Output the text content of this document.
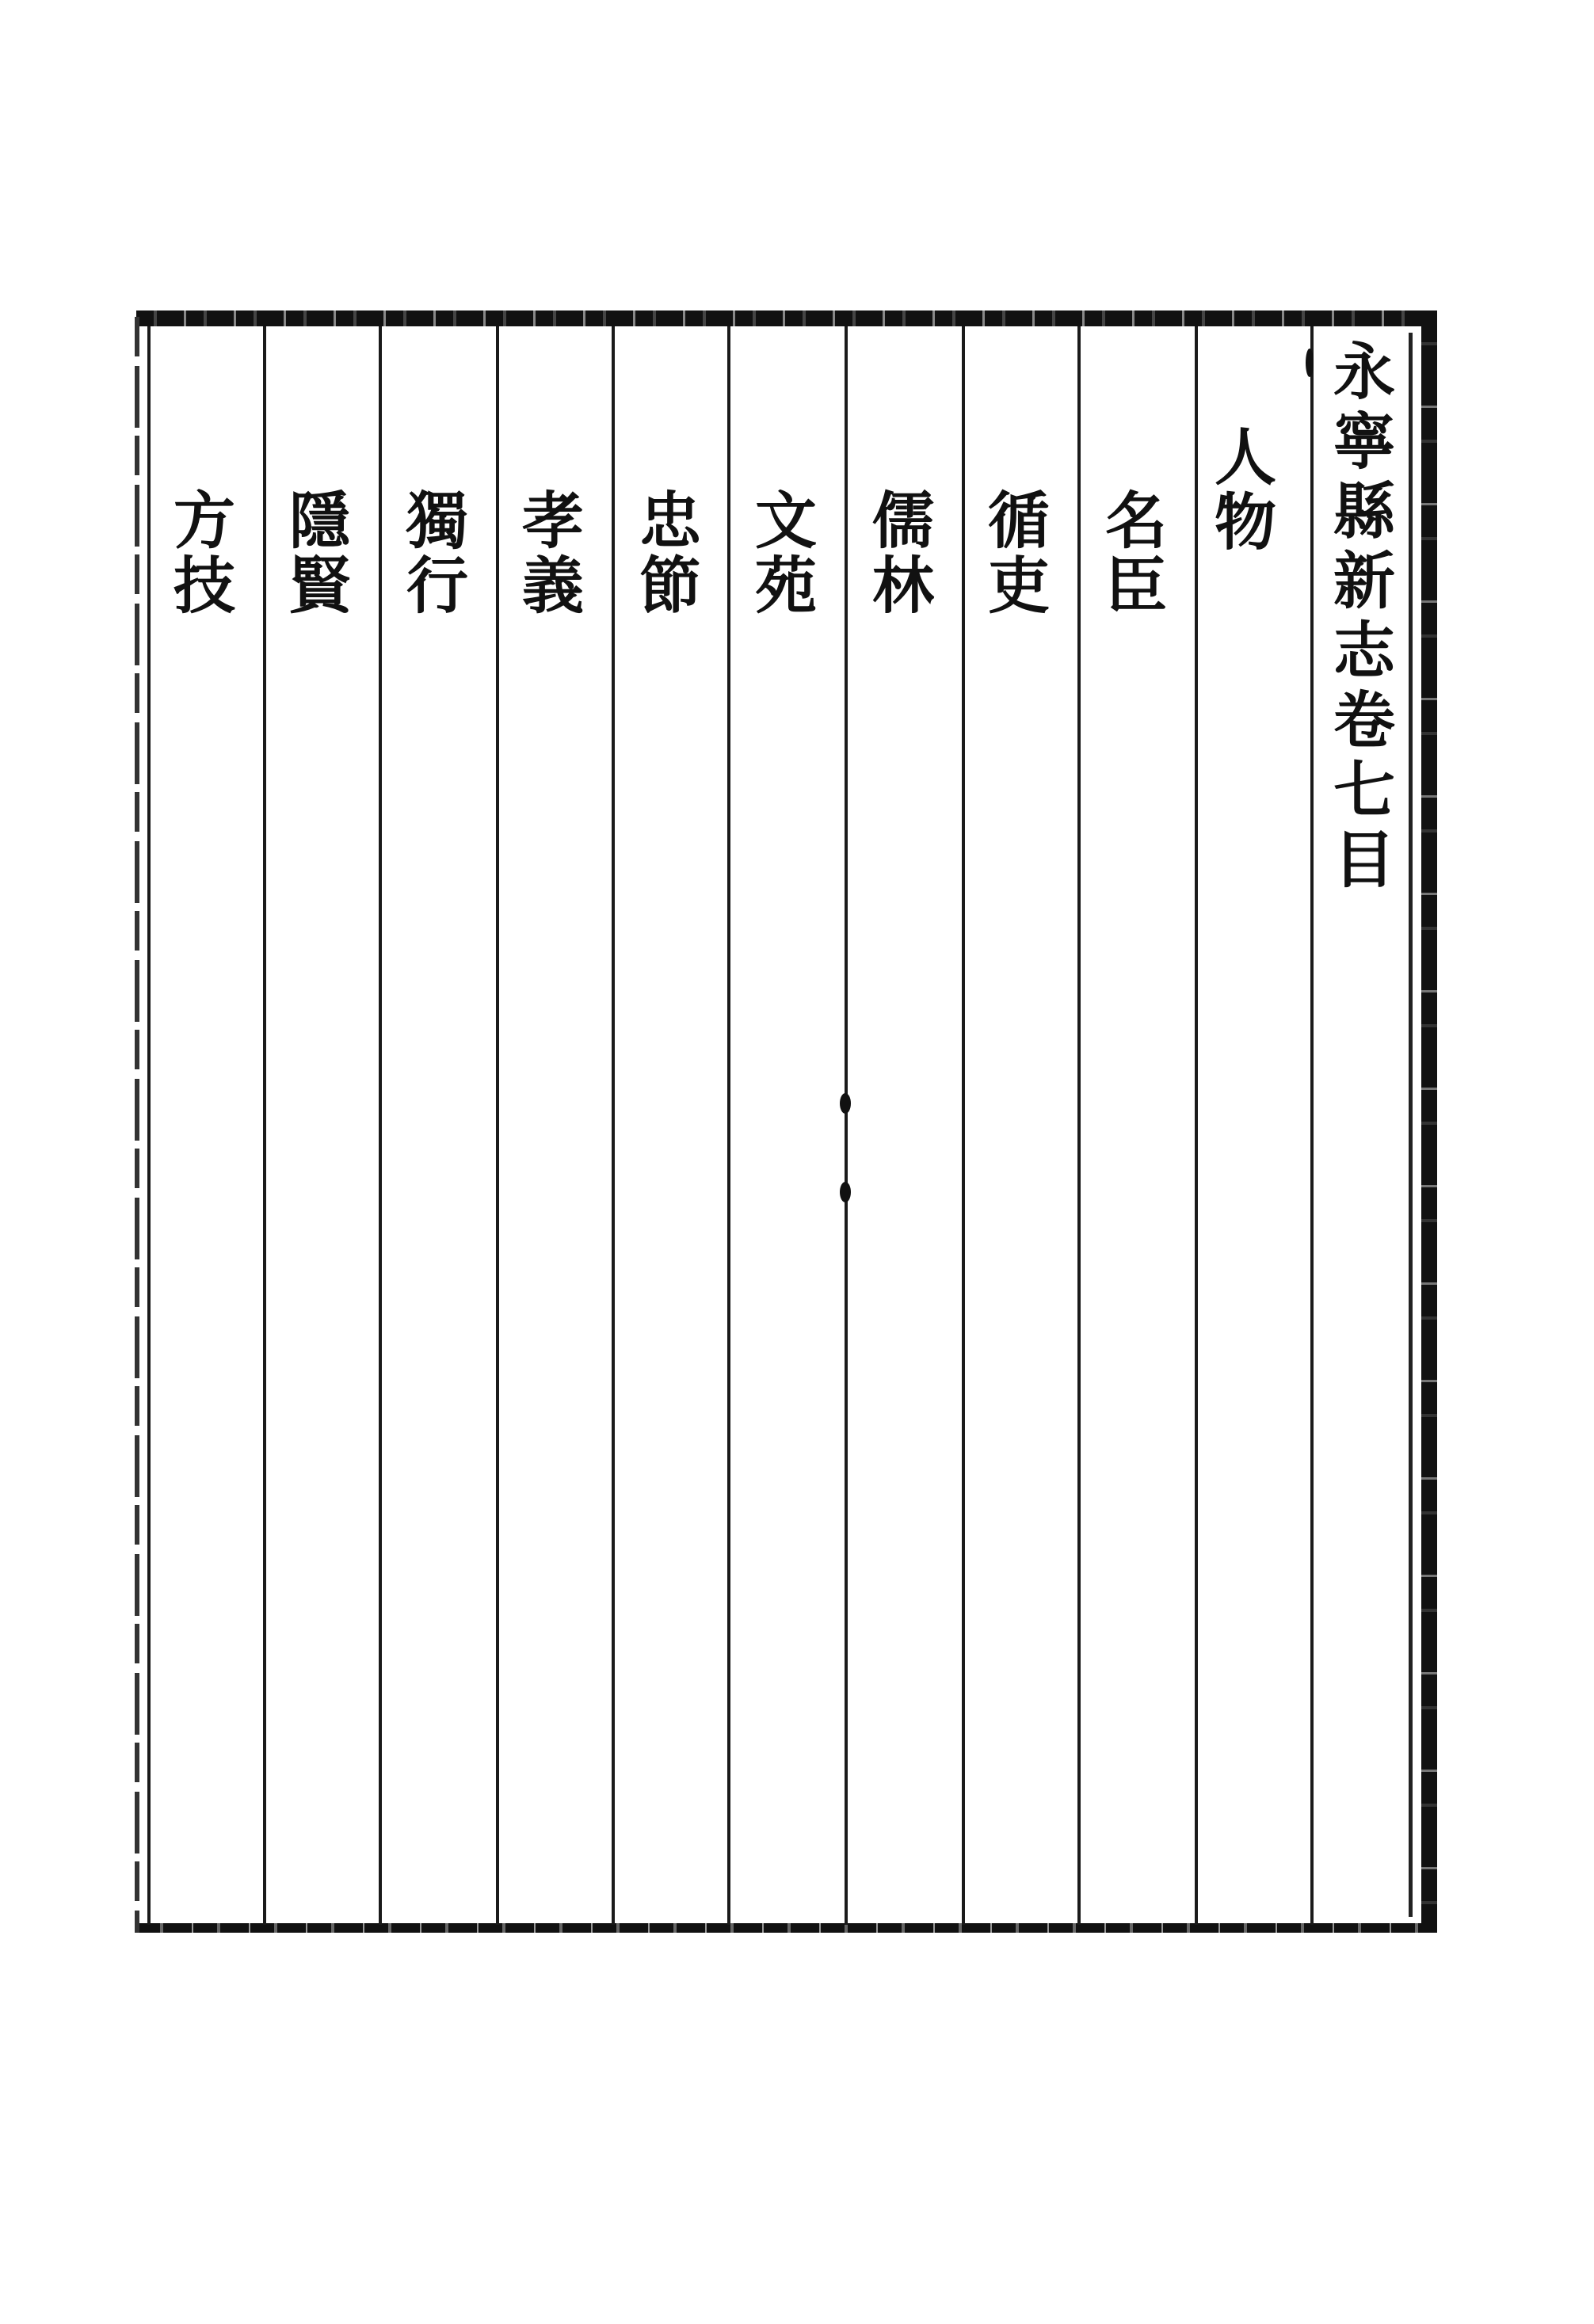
永寧縣新志卷七目
人物
名臣
循吏
儒林
文苑
忠節
孝義
獨行
隱賢
方技
